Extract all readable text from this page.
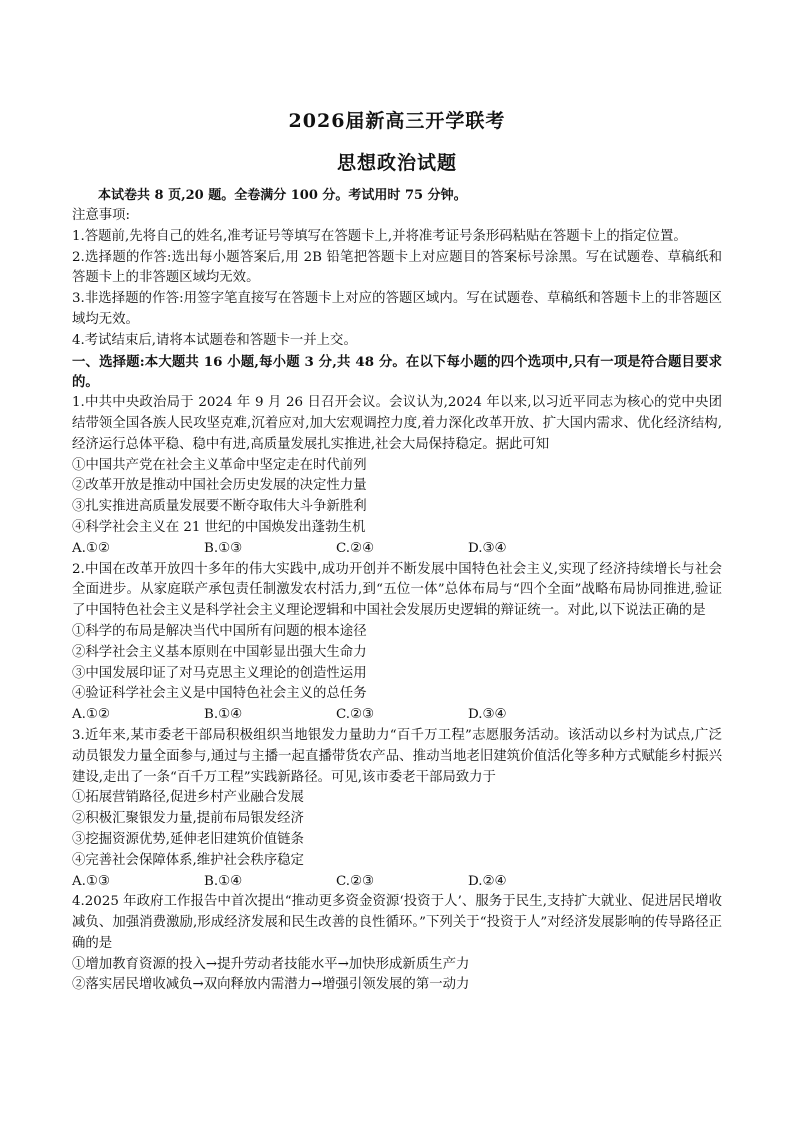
2026届新高三开学联考
思想政治试题
本试卷共 8 页,20 题。全卷满分 100 分。考试用时 75 分钟。
注意事项:
1.答题前,先将自己的姓名,准考证号等填写在答题卡上,并将准考证号条形码粘贴在答题卡上的指定位置。
2.选择题的作答:选出每小题答案后,用 2B 铅笔把答题卡上对应题目的答案标号涂黑。写在试题卷、草稿纸和答题卡上的非答题区域均无效。
3.非选择题的作答:用签字笔直接写在答题卡上对应的答题区域内。写在试题卷、草稿纸和答题卡上的非答题区域均无效。
4.考试结束后,请将本试题卷和答题卡一并上交。
一、选择题:本大题共 16 小题,每小题 3 分,共 48 分。在以下每小题的四个选项中,只有一项是符合题目要求的。
1.中共中央政治局于 2024 年 9 月 26 日召开会议。会议认为,2024 年以来,以习近平同志为核心的党中央团结带领全国各族人民攻坚克难,沉着应对,加大宏观调控力度,着力深化改革开放、扩大国内需求、优化经济结构,经济运行总体平稳、稳中有进,高质量发展扎实推进,社会大局保持稳定。据此可知
①中国共产党在社会主义革命中坚定走在时代前列
②改革开放是推动中国社会历史发展的决定性力量
③扎实推进高质量发展要不断夺取伟大斗争新胜利
④科学社会主义在 21 世纪的中国焕发出蓬勃生机
A.①②	B.①③	C.②④	D.③④
2.中国在改革开放四十多年的伟大实践中,成功开创并不断发展中国特色社会主义,实现了经济持续增长与社会全面进步。从家庭联产承包责任制激发农村活力,到“五位一体”总体布局与“四个全面”战略布局协同推进,验证了中国特色社会主义是科学社会主义理论逻辑和中国社会发展历史逻辑的辩证统一。对此,以下说法正确的是
①科学的布局是解决当代中国所有问题的根本途径
②科学社会主义基本原则在中国彰显出强大生命力
③中国发展印证了对马克思主义理论的创造性运用
④验证科学社会主义是中国特色社会主义的总任务
A.①②	B.①④	C.②③	D.③④
3.近年来,某市委老干部局积极组织当地银发力量助力“百千万工程”志愿服务活动。该活动以乡村为试点,广泛动员银发力量全面参与,通过与主播一起直播带货农产品、推动当地老旧建筑价值活化等多种方式赋能乡村振兴建设,走出了一条“百千万工程”实践新路径。可见,该市委老干部局致力于
①拓展营销路径,促进乡村产业融合发展
②积极汇聚银发力量,提前布局银发经济
③挖掘资源优势,延伸老旧建筑价值链条
④完善社会保障体系,维护社会秩序稳定
A.①③	B.①④	C.②③	D.②④
4.2025 年政府工作报告中首次提出“推动更多资金资源‘投资于人’、服务于民生,支持扩大就业、促进居民增收减负、加强消费激励,形成经济发展和民生改善的良性循环。”下列关于“投资于人”对经济发展影响的传导路径正确的是
①增加教育资源的投入→提升劳动者技能水平→加快形成新质生产力
②落实居民增收减负→双向释放内需潜力→增强引领发展的第一动力
